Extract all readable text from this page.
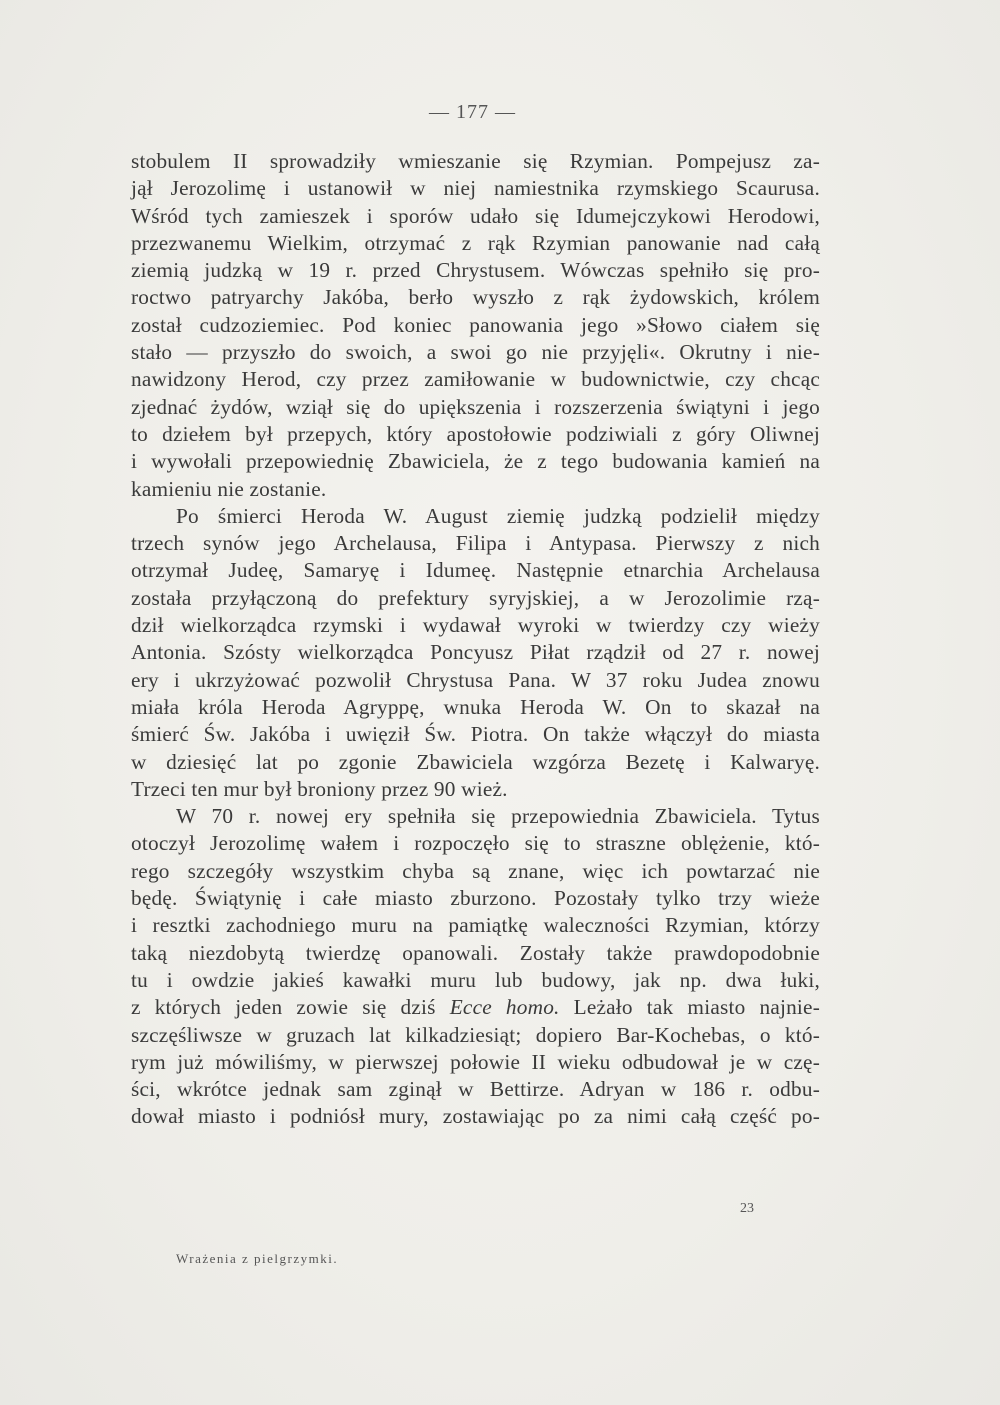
— 177 —
stobulem II sprowadziły wmieszanie się Rzymian. Pompejusz za-
jął Jerozolimę i ustanowił w niej namiestnika rzymskiego Scaurusa.
Wśród tych zamieszek i sporów udało się Idumejczykowi Herodowi,
przezwanemu Wielkim, otrzymać z rąk Rzymian panowanie nad całą
ziemią judzką w 19 r. przed Chrystusem. Wówczas spełniło się pro-
roctwo patryarchy Jakóba, berło wyszło z rąk żydowskich, królem
został cudzoziemiec. Pod koniec panowania jego »Słowo ciałem się
stało — przyszło do swoich, a swoi go nie przyjęli«. Okrutny i nie-
nawidzony Herod, czy przez zamiłowanie w budownictwie, czy chcąc
zjednać żydów, wziął się do upiększenia i rozszerzenia świątyni i jego
to dziełem był przepych, który apostołowie podziwiali z góry Oliwnej
i wywołali przepowiednię Zbawiciela, że z tego budowania kamień na
kamieniu nie zostanie.
Po śmierci Heroda W. August ziemię judzką podzielił między
trzech synów jego Archelausa, Filipa i Antypasa. Pierwszy z nich
otrzymał Judeę, Samaryę i Idumeę. Następnie etnarchia Archelausa
została przyłączoną do prefektury syryjskiej, a w Jerozolimie rzą-
dził wielkorządca rzymski i wydawał wyroki w twierdzy czy wieży
Antonia. Szósty wielkorządca Poncyusz Piłat rządził od 27 r. nowej
ery i ukrzyżować pozwolił Chrystusa Pana. W 37 roku Judea znowu
miała króla Heroda Agryppę, wnuka Heroda W. On to skazał na
śmierć Św. Jakóba i uwięził Św. Piotra. On także włączył do miasta
w dziesięć lat po zgonie Zbawiciela wzgórza Bezetę i Kalwaryę.
Trzeci ten mur był broniony przez 90 wież.
W 70 r. nowej ery spełniła się przepowiednia Zbawiciela. Tytus
otoczył Jerozolimę wałem i rozpoczęło się to straszne oblężenie, któ-
rego szczegóły wszystkim chyba są znane, więc ich powtarzać nie
będę. Świątynię i całe miasto zburzono. Pozostały tylko trzy wieże
i resztki zachodniego muru na pamiątkę waleczności Rzymian, którzy
taką niezdobytą twierdzę opanowali. Zostały także prawdopodobnie
tu i owdzie jakieś kawałki muru lub budowy, jak np. dwa łuki,
z których jeden zowie się dziś Ecce homo. Leżało tak miasto najnie-
szczęśliwsze w gruzach lat kilkadziesiąt; dopiero Bar-Kochebas, o któ-
rym już mówiliśmy, w pierwszej połowie II wieku odbudował je w czę-
ści, wkrótce jednak sam zginął w Bettirze. Adryan w 186 r. odbu-
dował miasto i podniósł mury, zostawiając po za nimi całą część po-
23
Wrażenia z pielgrzymki.
